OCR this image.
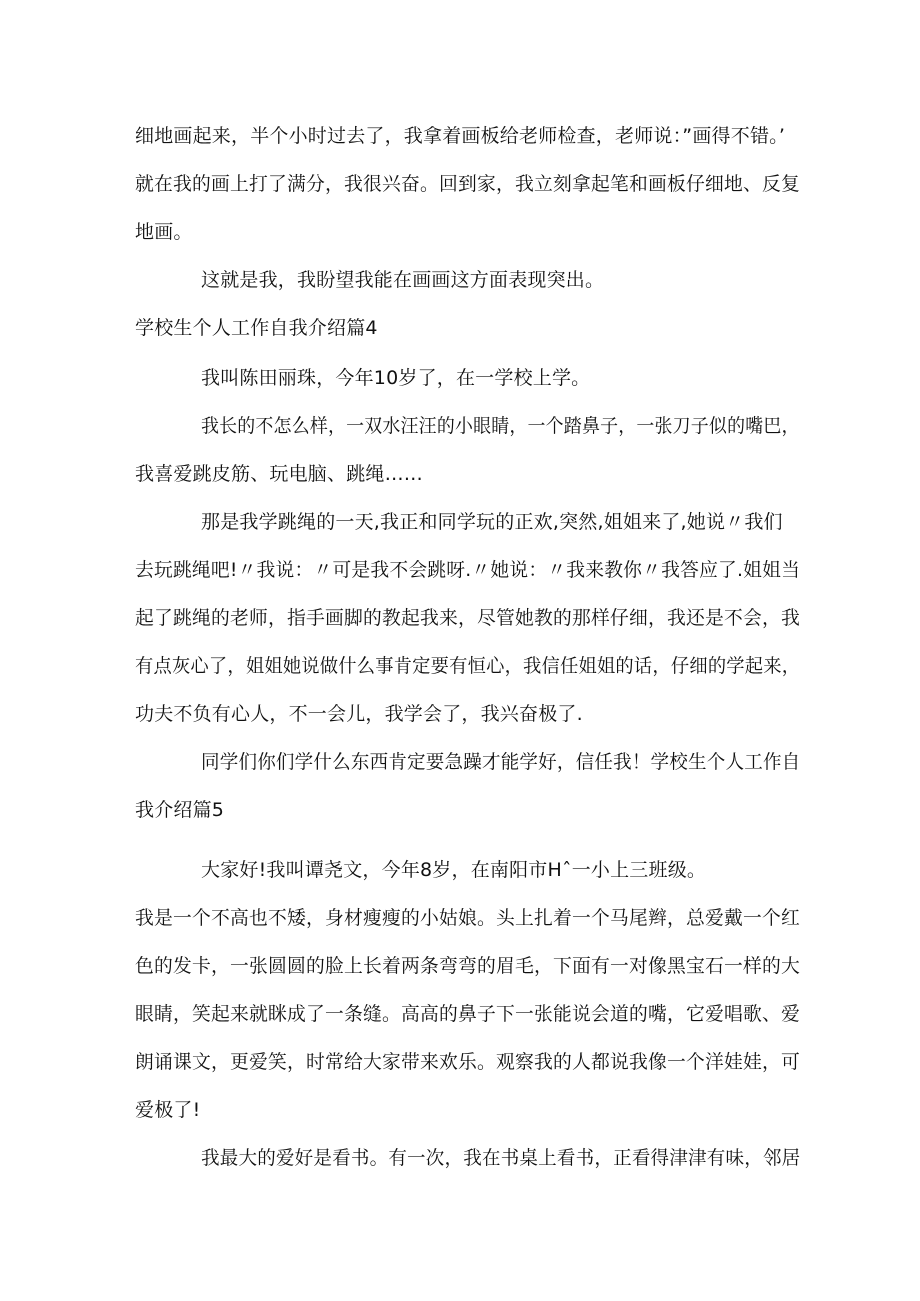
细地画起来，半个小时过去了，我拿着画板给老师检查，老师说：”画得不错。’
就在我的画上打了满分，我很兴奋。回到家，我立刻拿起笔和画板仔细地、反复
地画。
这就是我，我盼望我能在画画这方面表现突出。
学校生个人工作自我介绍篇4
我叫陈田丽珠，今年10岁了，在一学校上学。
我长的不怎么样，一双水汪汪的小眼睛，一个踏鼻子，一张刀子似的嘴巴，
我喜爱跳皮筋、玩电脑、跳绳……
那是我学跳绳的一天,我正和同学玩的正欢,突然,姐姐来了,她说〃我们
去玩跳绳吧!〃我说：〃可是我不会跳呀.〃她说：〃我来教你〃我答应了.姐姐当
起了跳绳的老师，指手画脚的教起我来，尽管她教的那样仔细，我还是不会，我
有点灰心了，姐姐她说做什么事肯定要有恒心，我信任姐姐的话，仔细的学起来，
功夫不负有心人，不一会儿，我学会了，我兴奋极了.
同学们你们学什么东西肯定要急躁才能学好，信任我！学校生个人工作自
我介绍篇5
大家好!我叫谭尧文，今年8岁，在南阳市Hˆ一小上三班级。
我是一个不高也不矮，身材瘦瘦的小姑娘。头上扎着一个马尾辫，总爱戴一个红
色的发卡，一张圆圆的脸上长着两条弯弯的眉毛，下面有一对像黑宝石一样的大
眼睛，笑起来就眯成了一条缝。高高的鼻子下一张能说会道的嘴，它爱唱歌、爱
朗诵课文，更爱笑，时常给大家带来欢乐。观察我的人都说我像一个洋娃娃，可
爱极了!
我最大的爱好是看书。有一次，我在书桌上看书，正看得津津有味，邻居
